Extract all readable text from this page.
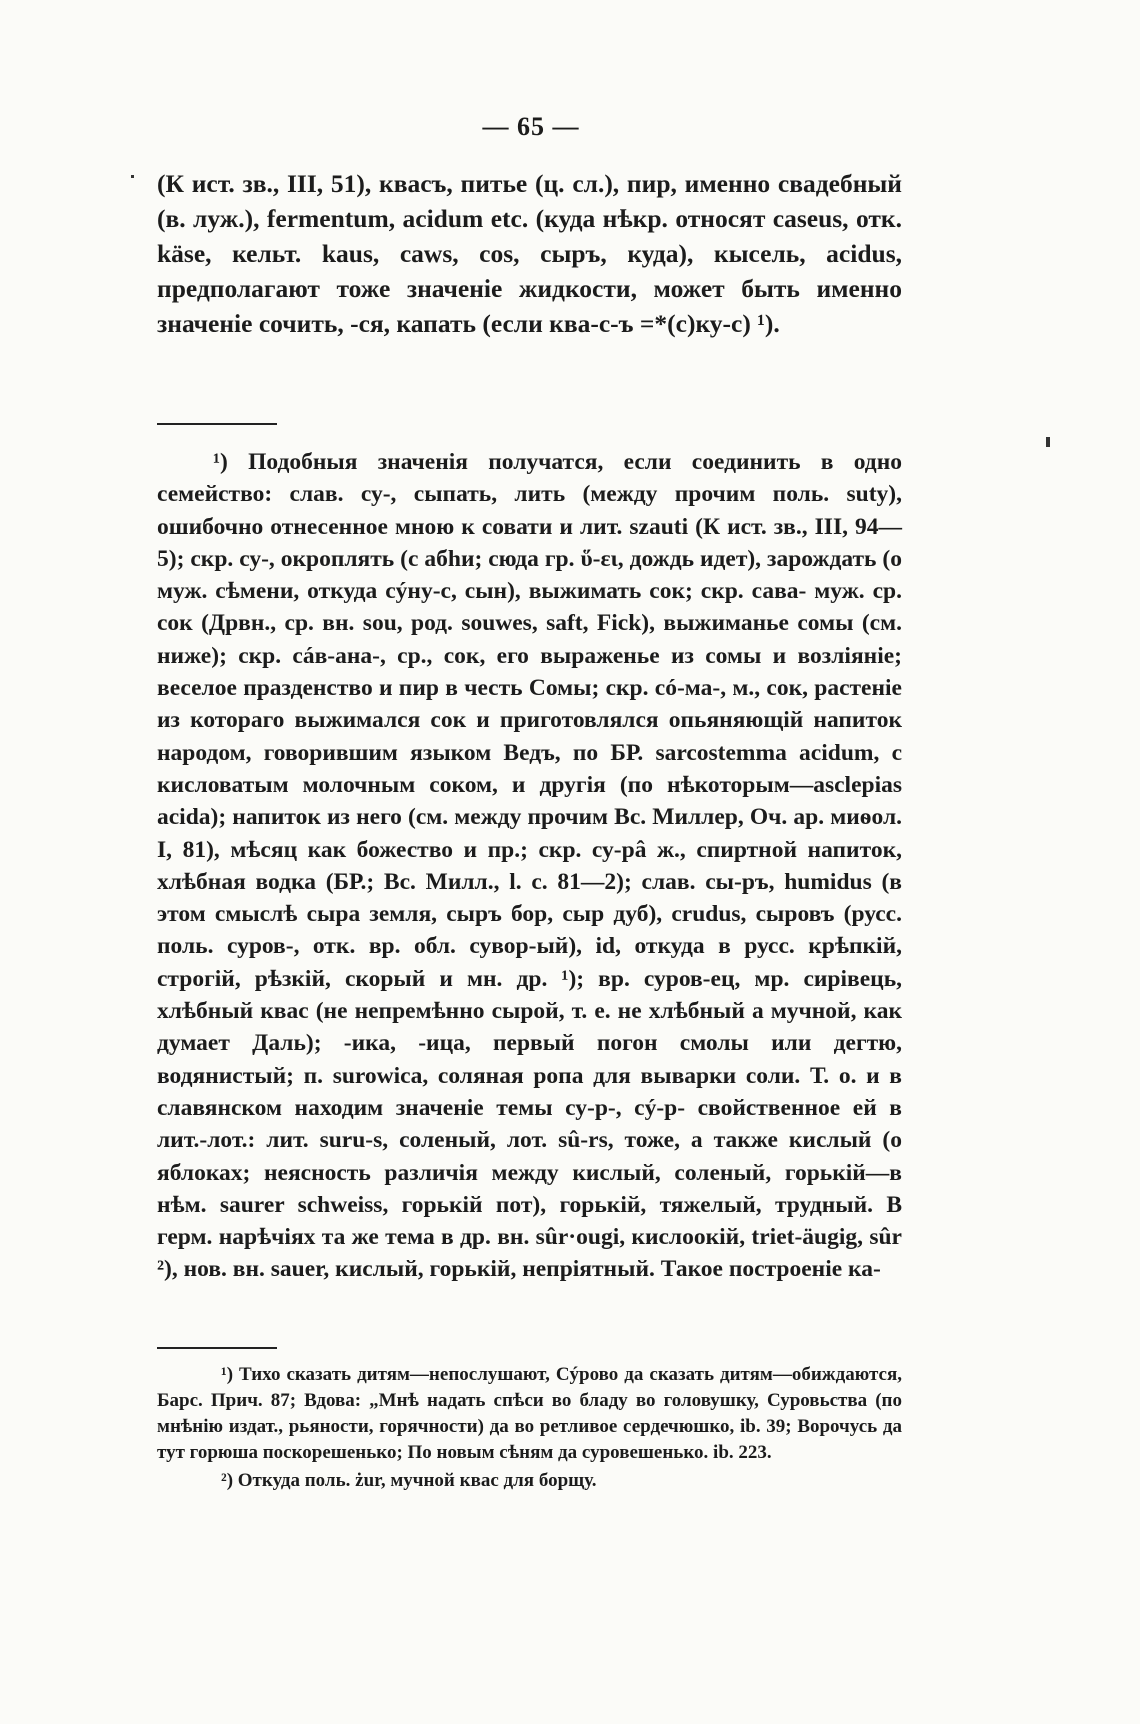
— 65 —

(К ист. зв., III, 51), квасъ, питье (ц. сл.), пир, именно свадебный (в. луж.), fermentum, acidum etc. (куда нѣкр. относят caseus, отк. käse, кельт. kaus, caws, cos, сыръ, куда), кысель, acidus, предполагают тоже значеніе жидкости, может быть именно значеніе сочить, -ся, капать (если ква-с-ъ =*(с)ку-с) ¹).

¹) Подобныя значенія получатся, если соединить в одно семейство: слав. су-, сыпать, лить (между прочим поль. suty), ошибочно отнесенное мною к совати и лит. szauti (К ист. зв., III, 94—5); скр. су-, окроплять (с абhи; сюда гр. ὕ-ει, дождь идет), зарождать (о муж. сѣмени, откуда сýну-с, сын), выжимать сок; скр. сава- муж. ср. сок (Дрвн., ср. вн. sou, род. souwes, saft, Fick), выжиманье сомы (см. ниже); скр. сáв-ана-, ср., сок, его выраженье из сомы и возліяніе; веселое празденство и пир в честь Сомы; скр. сó-ма-, м., сок, растеніе из котораго выжимался сок и приготовлялся опьяняющій напиток народом, говорившим языком Ведъ, по БР. sarcostemma acidum, с кисловатым молочным соком, и другія (по нѣкоторым—asclepias acida); напиток из него (см. между прочим Вс. Миллер, Оч. ар. миѳол. I, 81), мѣсяц как божество и пр.; скр. су-рâ ж., спиртной напиток, хлѣбная водка (БР.; Вс. Милл., l. с. 81—2); слав. сы-ръ, humidus (в этом смыслѣ сыра земля, сыръ бор, сыр дуб), crudus, сыровъ (русс. поль. суров-, отк. вр. обл. сувор-ый), id, откуда в русс. крѣпкій, строгій, рѣзкій, скорый и мн. др. ¹); вр. суров-ец, мр. сирівець, хлѣбный квас (не непремѣнно сырой, т. е. не хлѣбный а мучной, как думает Даль); -ика, -ица, первый погон смолы или дегтю, водянистый; п. surowica, соляная ропа для выварки соли. Т. о. и в славянском находим значеніе темы су-р-, сý-р- свойственное ей в лит.-лот.: лит. suru-s, соленый, лот. sû-rs, тоже, а также кислый (о яблоках; неясность различія между кислый, соленый, горькій—в нѣм. saurer schweiss, горькій пот), горькій, тяжелый, трудный. В герм. нарѣчіях та же тема в др. вн. sûr·ougi, кислоокій, triet-äugig, sûr ²), нов. вн. sauer, кислый, горькій, непріятный. Такое построеніе ка-

¹) Тихо сказать дитям—непослушают, Сýрово да сказать дитям—обиждаются, Барс. Прич. 87; Вдова: „Мнѣ надать спѣси во бладу во головушку, Суровьства (по мнѣнію издат., рьяности, горячности) да во ретливое сердечюшко, ib. 39; Ворочусь да тут горюша поскорешенько; По новым сѣням да суровешенько. ib. 223.

²) Откуда поль. żur, мучной квас для борщу.
